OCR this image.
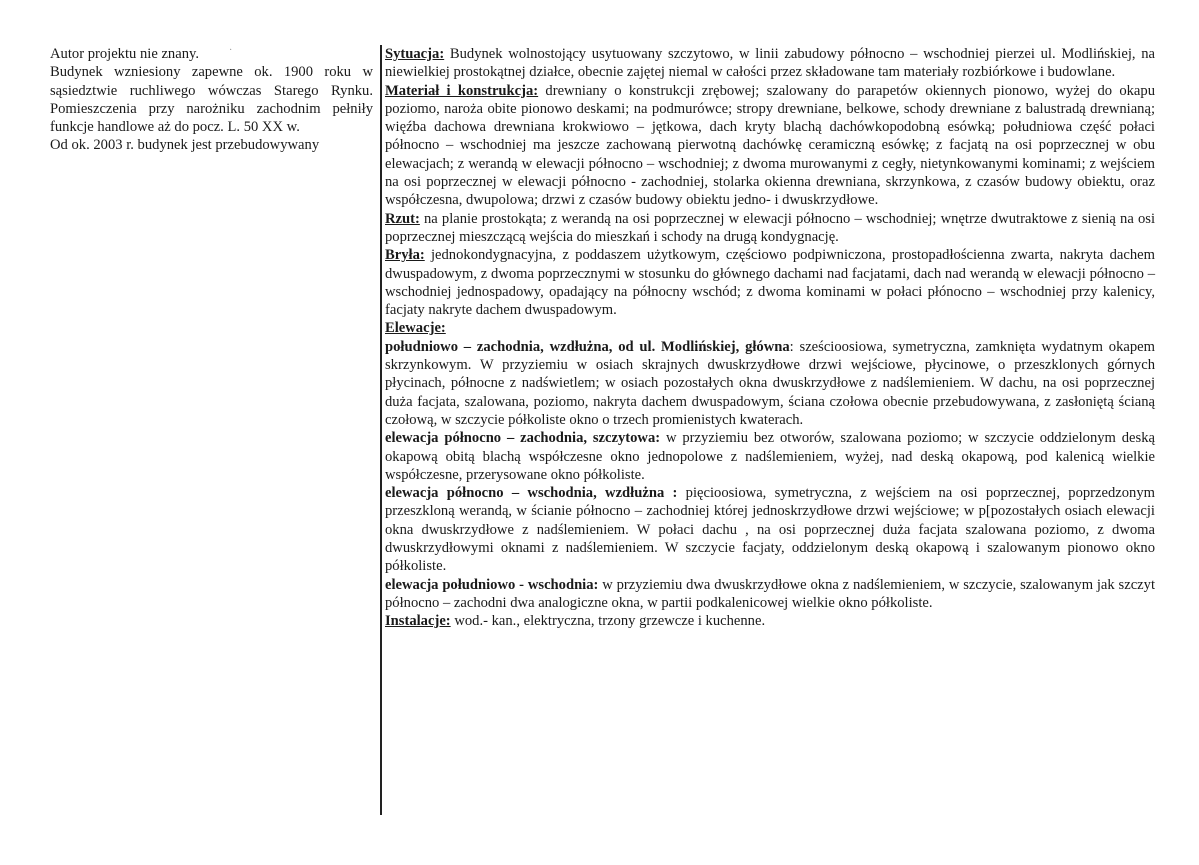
Autor projektu nie znany.

Budynek wzniesiony zapewne ok. 1900 roku w sąsiedztwie ruchliwego wówczas Starego Rynku. Pomieszczenia przy narożniku zachodnim pełniły funkcje handlowe aż do pocz. L. 50 XX w.

Od ok. 2003 r. budynek jest przebudowywany

·	Sytuacja: Budynek wolnostojący usytuowany szczytowo, w linii zabudowy północno – wschodniej pierzei ul. Modlińskiej, na niewielkiej prostokątnej działce, obecnie zajętej niemal w całości przez składowane tam materiały rozbiórkowe i budowlane.

Materiał i konstrukcja: drewniany o konstrukcji zrębowej; szalowany do parapetów okiennych pionowo, wyżej do okapu poziomo, naroża obite pionowo deskami; na podmurówce; stropy drewniane, belkowe, schody drewniane z balustradą drewnianą; więźba dachowa drewniana krokwiowo – jętkowa, dach kryty blachą dachówkopodobną esówką; południowa część połaci północno – wschodniej ma jeszcze zachowaną pierwotną dachówkę ceramiczną esówkę; z facjatą na osi poprzecznej w obu elewacjach; z werandą w elewacji północno – wschodniej; z dwoma murowanymi z cegły, nietynkowanymi kominami; z wejściem na osi poprzecznej w elewacji północno - zachodniej, stolarka okienna drewniana, skrzynkowa, z czasów budowy obiektu, oraz współczesna, dwupolowa; drzwi z czasów budowy obiektu jedno- i dwuskrzydłowe.

Rzut: na planie prostokąta; z werandą na osi poprzecznej w elewacji północno – wschodniej; wnętrze dwutraktowe z sienią na osi poprzecznej mieszczącą wejścia do mieszkań i schody na drugą kondygnację.

Bryła: jednokondygnacyjna, z poddaszem użytkowym, częściowo podpiwniczona, prostopadłościenna zwarta, nakryta dachem dwuspadowym, z dwoma poprzecznymi w stosunku do głównego dachami nad facjatami, dach nad werandą w elewacji północno –wschodniej jednospadowy, opadający na północny wschód; z dwoma kominami w połaci płónocno – wschodniej przy kalenicy, facjaty nakryte dachem dwuspadowym.

Elewacje:

południowo – zachodnia, wzdłużna, od ul. Modlińskiej, główna: sześcioosiowa, symetryczna, zamknięta wydatnym okapem skrzynkowym. W przyziemiu w osiach skrajnych dwuskrzydłowe drzwi wejściowe, płycinowe, o przeszklonych górnych płycinach, północne z nadświetlem; w osiach pozostałych okna dwuskrzydłowe z nadślemieniem. W dachu, na osi poprzecznej duża facjata, szalowana, poziomo, nakryta dachem dwuspadowym, ściana czołowa obecnie przebudowywana, z zasłoniętą ścianą czołową, w szczycie półkoliste okno o trzech promienistych kwaterach.

elewacja północno – zachodnia, szczytowa: w przyziemiu bez otworów, szalowana poziomo; w szczycie oddzielonym deską okapową obitą blachą współczesne okno jednopolowe z nadślemieniem, wyżej, nad deską okapową, pod kalenicą wielkie współczesne, przerysowane okno półkoliste.

elewacja północno – wschodnia, wzdłużna : pięcioosiowa, symetryczna, z wejściem na osi poprzecznej, poprzedzonym przeszkloną werandą, w ścianie północno – zachodniej której jednoskrzydłowe drzwi wejściowe; w p[pozostałych osiach elewacji okna dwuskrzydłowe z nadślemieniem. W połaci dachu , na osi poprzecznej duża facjata szalowana poziomo, z dwoma dwuskrzydłowymi oknami z nadślemieniem. W szczycie facjaty, oddzielonym deską okapową i szalowanym pionowo okno półkoliste.

elewacja południowo - wschodnia: w przyziemiu dwa dwuskrzydłowe okna z nadślemieniem, w szczycie, szalowanym jak szczyt północno – zachodni dwa analogiczne okna, w partii podkalenicowej wielkie okno półkoliste.

Instalacje: wod.- kan., elektryczna, trzony grzewcze i kuchenne.
